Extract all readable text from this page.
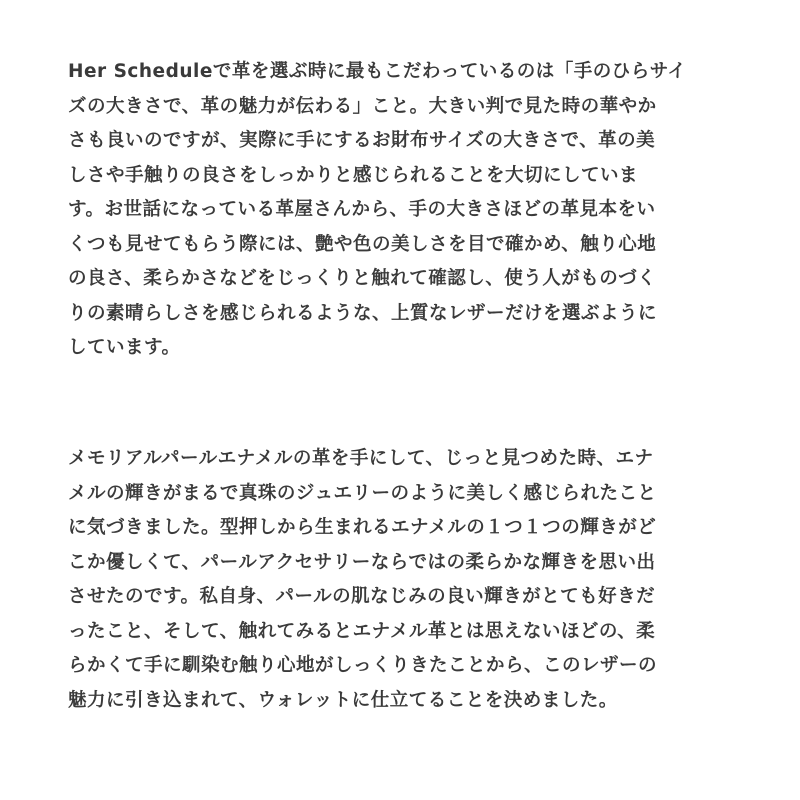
Her Scheduleで革を選ぶ時に最もこだわっているのは「手のひらサイ
ズの大きさで、革の魅力が伝わる」こと。大きい判で見た時の華やか
さも良いのですが、実際に手にするお財布サイズの大きさで、革の美
しさや手触りの良さをしっかりと感じられることを大切にしていま
す。お世話になっている革屋さんから、手の大きさほどの革見本をい
くつも見せてもらう際には、艶や色の美しさを目で確かめ、触り心地
の良さ、柔らかさなどをじっくりと触れて確認し、使う人がものづく
りの素晴らしさを感じられるような、上質なレザーだけを選ぶように
しています。
メモリアルパールエナメルの革を手にして、じっと見つめた時、エナ
メルの輝きがまるで真珠のジュエリーのように美しく感じられたこと
に気づきました。型押しから生まれるエナメルの１つ１つの輝きがど
こか優しくて、パールアクセサリーならではの柔らかな輝きを思い出
させたのです。私自身、パールの肌なじみの良い輝きがとても好きだ
ったこと、そして、触れてみるとエナメル革とは思えないほどの、柔
らかくて手に馴染む触り心地がしっくりきたことから、このレザーの
魅力に引き込まれて、ウォレットに仕立てることを決めました。
